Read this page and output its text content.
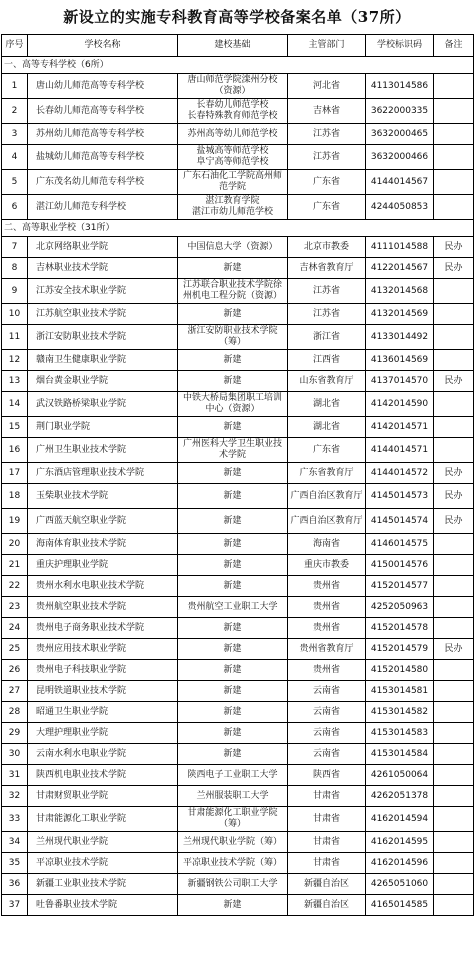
新设立的实施专科教育高等学校备案名单（37所）
序号	学校名称	建校基础	主管部门	学校标识码	备注
一、高等专科学校（6所）					
1	唐山幼儿师范高等专科学校	唐山师范学院滦州分校（资源）	河北省	4113014586	
2	长春幼儿师范高等专科学校	长春幼儿师范学校
长春特殊教育师范学校	吉林省	3622000335	
3	苏州幼儿师范高等专科学校	苏州高等幼儿师范学校	江苏省	3632000465	
4	盐城幼儿师范高等专科学校	盐城高等师范学校
阜宁高等师范学校	江苏省	3632000466	
5	广东茂名幼儿师范专科学校	广东石油化工学院高州师范学院	广东省	4144014567	
6	湛江幼儿师范专科学校	湛江教育学院
湛江市幼儿师范学校	广东省	4244050853	
二、高等职业学校（31所）					
7	北京网络职业学院	中国信息大学（资源）	北京市教委	4111014588	民办
8	吉林职业技术学院	新建	吉林省教育厅	4122014567	民办
9	江苏安全技术职业学院	江苏联合职业技术学院徐州机电工程分院（资源）	江苏省	4132014568	
10	江苏航空职业技术学院	新建	江苏省	4132014569	
11	浙江安防职业技术学院	浙江安防职业技术学院（筹）	浙江省	4133014492	
12	赣南卫生健康职业学院	新建	江西省	4136014569	
13	烟台黄金职业学院	新建	山东省教育厅	4137014570	民办
14	武汉铁路桥梁职业学院	中铁大桥局集团职工培训中心（资源）	湖北省	4142014590	
15	荆门职业学院	新建	湖北省	4142014571	
16	广州卫生职业技术学院	广州医科大学卫生职业技术学院	广东省	4144014571	
17	广东酒店管理职业技术学院	新建	广东省教育厅	4144014572	民办
18	玉柴职业技术学院	新建	广西自治区教育厅	4145014573	民办
19	广西蓝天航空职业学院	新建	广西自治区教育厅	4145014574	民办
20	海南体育职业技术学院	新建	海南省	4146014575	
21	重庆护理职业学院	新建	重庆市教委	4150014576	
22	贵州水利水电职业技术学院	新建	贵州省	4152014577	
23	贵州航空职业技术学院	贵州航空工业职工大学	贵州省	4252050963	
24	贵州电子商务职业技术学院	新建	贵州省	4152014578	
25	贵州应用技术职业学院	新建	贵州省教育厅	4152014579	民办
26	贵州电子科技职业学院	新建	贵州省	4152014580	
27	昆明铁道职业技术学院	新建	云南省	4153014581	
28	昭通卫生职业学院	新建	云南省	4153014582	
29	大理护理职业学院	新建	云南省	4153014583	
30	云南水利水电职业学院	新建	云南省	4153014584	
31	陕西机电职业技术学院	陕西电子工业职工大学	陕西省	4261050064	
32	甘肃财贸职业学院	兰州服装职工大学	甘肃省	4262051378	
33	甘肃能源化工职业学院	甘肃能源化工职业学院（筹）	甘肃省	4162014594	
34	兰州现代职业学院	兰州现代职业学院（筹）	甘肃省	4162014595	
35	平凉职业技术学院	平凉职业技术学院（筹）	甘肃省	4162014596	
36	新疆工业职业技术学院	新疆钢铁公司职工大学	新疆自治区	4265051060	
37	吐鲁番职业技术学院	新建	新疆自治区	4165014585	
